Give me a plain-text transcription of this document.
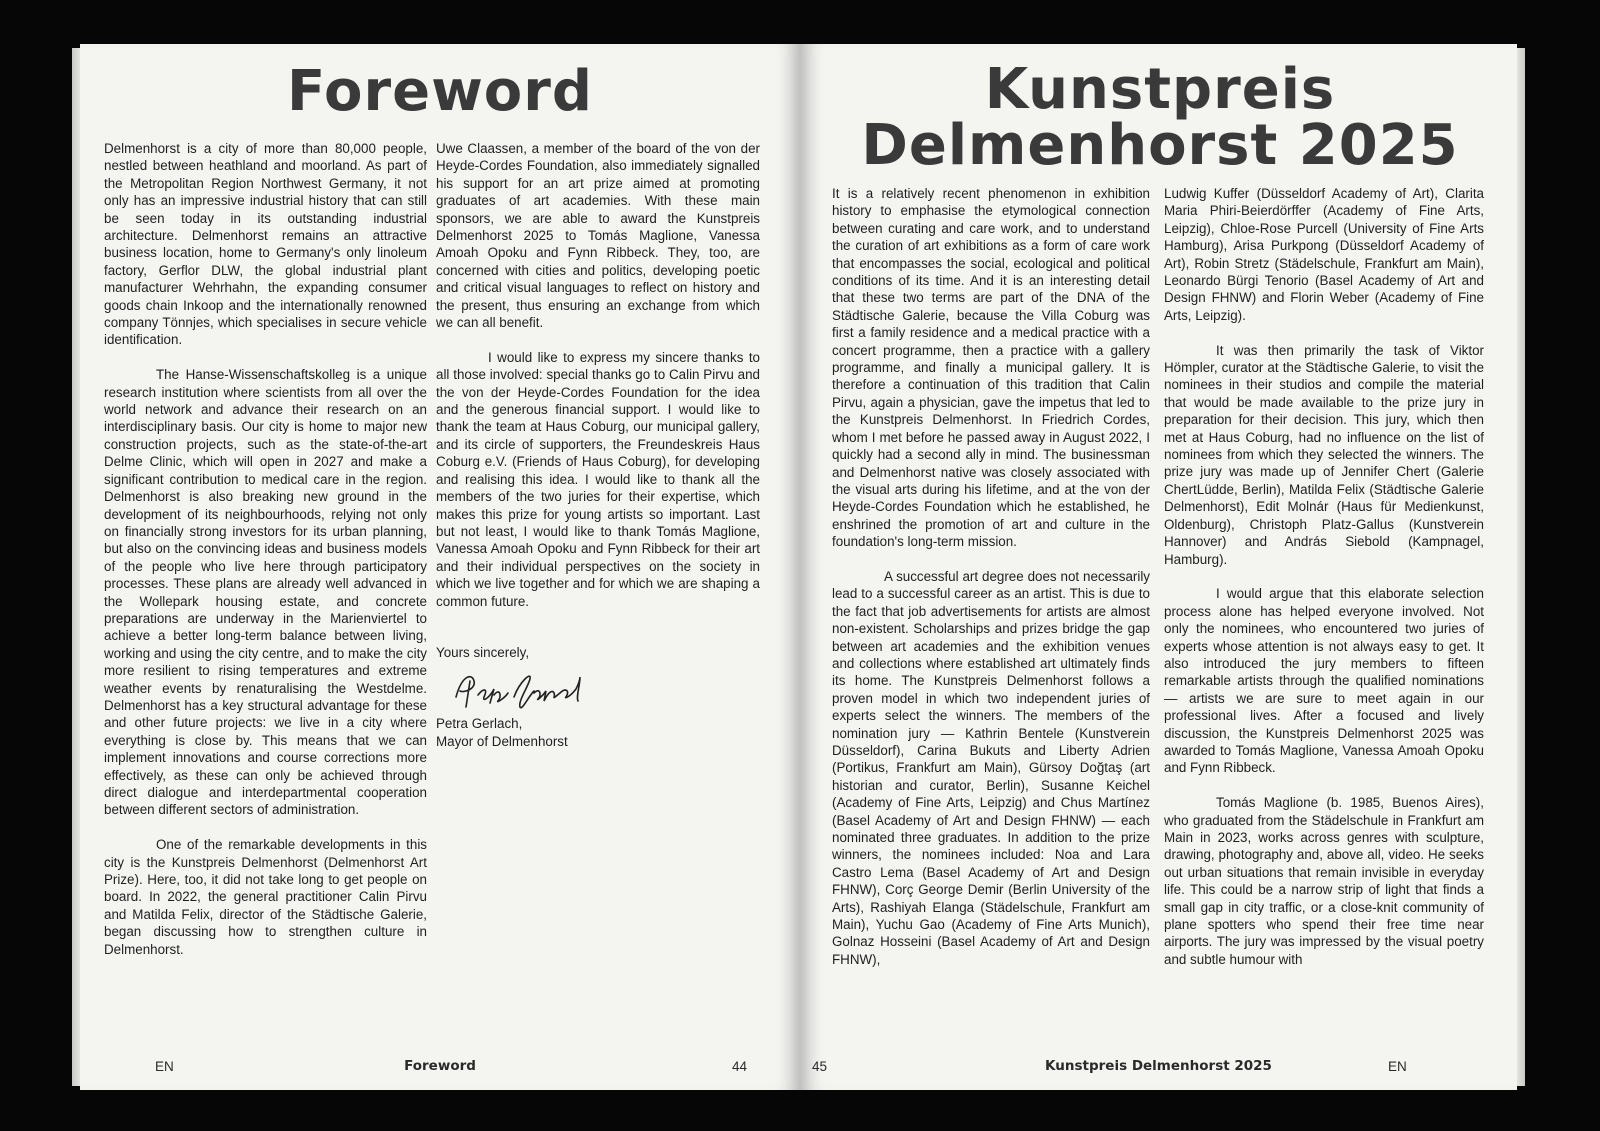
Foreword

Delmenhorst is a city of more than 80,000 people, nestled between heathland and moorland. As part of the Metropolitan Region Northwest Germany, it not only has an impressive industrial history that can still be seen today in its outstanding industrial architecture. Delmenhorst remains an attractive business location, home to Germany's only linoleum factory, Gerflor DLW, the global industrial plant manufacturer Wehrhahn, the expanding consumer goods chain Inkoop and the internationally renowned company Tönnjes, which specialises in secure vehicle identification.

The Hanse-Wissenschaftskolleg is a unique research institution where scientists from all over the world network and advance their research on an interdisciplinary basis. Our city is home to major new construction projects, such as the state-of-the-art Delme Clinic, which will open in 2027 and make a significant contribution to medical care in the region. Delmenhorst is also breaking new ground in the development of its neighbourhoods, relying not only on financially strong investors for its urban planning, but also on the convincing ideas and business models of the people who live here through participatory processes. These plans are already well advanced in the Wollepark housing estate, and concrete preparations are underway in the Marienviertel to achieve a better long-term balance between living, working and using the city centre, and to make the city more resilient to rising temperatures and extreme weather events by renaturalising the Westdelme. Delmenhorst has a key structural advantage for these and other future projects: we live in a city where everything is close by. This means that we can implement innovations and course corrections more effectively, as these can only be achieved through direct dialogue and interdepartmental cooperation between different sectors of administration.

One of the remarkable developments in this city is the Kunstpreis Delmenhorst (Delmenhorst Art Prize). Here, too, it did not take long to get people on board. In 2022, the general practitioner Calin Pirvu and Matilda Felix, director of the Städtische Galerie, began discussing how to strengthen culture in Delmenhorst.

Uwe Claassen, a member of the board of the von der Heyde-Cordes Foundation, also immediately signalled his support for an art prize aimed at promoting graduates of art academies. With these main sponsors, we are able to award the Kunstpreis Delmenhorst 2025 to Tomás Maglione, Vanessa Amoah Opoku and Fynn Ribbeck. They, too, are concerned with cities and politics, developing poetic and critical visual languages to reflect on history and the present, thus ensuring an exchange from which we can all benefit.

I would like to express my sincere thanks to all those involved: special thanks go to Calin Pirvu and the von der Heyde-Cordes Foundation for the idea and the generous financial support. I would like to thank the team at Haus Coburg, our municipal gallery, and its circle of supporters, the Freundeskreis Haus Coburg e.V. (Friends of Haus Coburg), for developing and realising this idea. I would like to thank all the members of the two juries for their expertise, which makes this prize for young artists so important. Last but not least, I would like to thank Tomás Maglione, Vanessa Amoah Opoku and Fynn Ribbeck for their art and their individual perspectives on the society in which we live together and for which we are shaping a common future.

Yours sincerely,
Petra Gerlach,
Mayor of Delmenhorst
EN	Foreword	44
Kunstpreis
Delmenhorst 2025

It is a relatively recent phenomenon in exhibition history to emphasise the etymological connection between curating and care work, and to understand the curation of art exhibitions as a form of care work that encompasses the social, ecological and political conditions of its time. And it is an interesting detail that these two terms are part of the DNA of the Städtische Galerie, because the Villa Coburg was first a family residence and a medical practice with a concert programme, then a practice with a gallery programme, and finally a municipal gallery. It is therefore a continuation of this tradition that Calin Pirvu, again a physician, gave the impetus that led to the Kunstpreis Delmenhorst. In Friedrich Cordes, whom I met before he passed away in August 2022, I quickly had a second ally in mind. The businessman and Delmenhorst native was closely associated with the visual arts during his lifetime, and at the von der Heyde-Cordes Foundation which he established, he enshrined the promotion of art and culture in the foundation's long-term mission.

A successful art degree does not necessarily lead to a successful career as an artist. This is due to the fact that job advertisements for artists are almost non-existent. Scholarships and prizes bridge the gap between art academies and the exhibition venues and collections where established art ultimately finds its home. The Kunstpreis Delmenhorst follows a proven model in which two independent juries of experts select the winners. The members of the nomination jury — Kathrin Bentele (Kunstverein Düsseldorf), Carina Bukuts and Liberty Adrien (Portikus, Frankfurt am Main), Gürsoy Doğtaş (art historian and curator, Berlin), Susanne Keichel (Academy of Fine Arts, Leipzig) and Chus Martínez (Basel Academy of Art and Design FHNW) — each nominated three graduates. In addition to the prize winners, the nominees included: Noa and Lara Castro Lema (Basel Academy of Art and Design FHNW), Corç George Demir (Berlin University of the Arts), Rashiyah Elanga (Städelschule, Frankfurt am Main), Yuchu Gao (Academy of Fine Arts Munich), Golnaz Hosseini (Basel Academy of Art and Design FHNW),

Ludwig Kuffer (Düsseldorf Academy of Art), Clarita Maria Phiri-Beierdörffer (Academy of Fine Arts, Leipzig), Chloe-Rose Purcell (University of Fine Arts Hamburg), Arisa Purkpong (Düsseldorf Academy of Art), Robin Stretz (Städelschule, Frankfurt am Main), Leonardo Bürgi Tenorio (Basel Academy of Art and Design FHNW) and Florin Weber (Academy of Fine Arts, Leipzig).

It was then primarily the task of Viktor Hömpler, curator at the Städtische Galerie, to visit the nominees in their studios and compile the material that would be made available to the prize jury in preparation for their decision. This jury, which then met at Haus Coburg, had no influence on the list of nominees from which they selected the winners. The prize jury was made up of Jennifer Chert (Galerie ChertLüdde, Berlin), Matilda Felix (Städtische Galerie Delmenhorst), Edit Molnár (Haus für Medienkunst, Oldenburg), Christoph Platz-Gallus (Kunstverein Hannover) and András Siebold (Kampnagel, Hamburg).

I would argue that this elaborate selection process alone has helped everyone involved. Not only the nominees, who encountered two juries of experts whose attention is not always easy to get. It also introduced the jury members to fifteen remarkable artists through the qualified nominations — artists we are sure to meet again in our professional lives. After a focused and lively discussion, the Kunstpreis Delmenhorst 2025 was awarded to Tomás Maglione, Vanessa Amoah Opoku and Fynn Ribbeck.

Tomás Maglione (b. 1985, Buenos Aires), who graduated from the Städelschule in Frankfurt am Main in 2023, works across genres with sculpture, drawing, photography and, above all, video. He seeks out urban situations that remain invisible in everyday life. This could be a narrow strip of light that finds a small gap in city traffic, or a close-knit community of plane spotters who spend their free time near airports. The jury was impressed by the visual poetry and subtle humour with

45	Kunstpreis Delmenhorst 2025	EN
